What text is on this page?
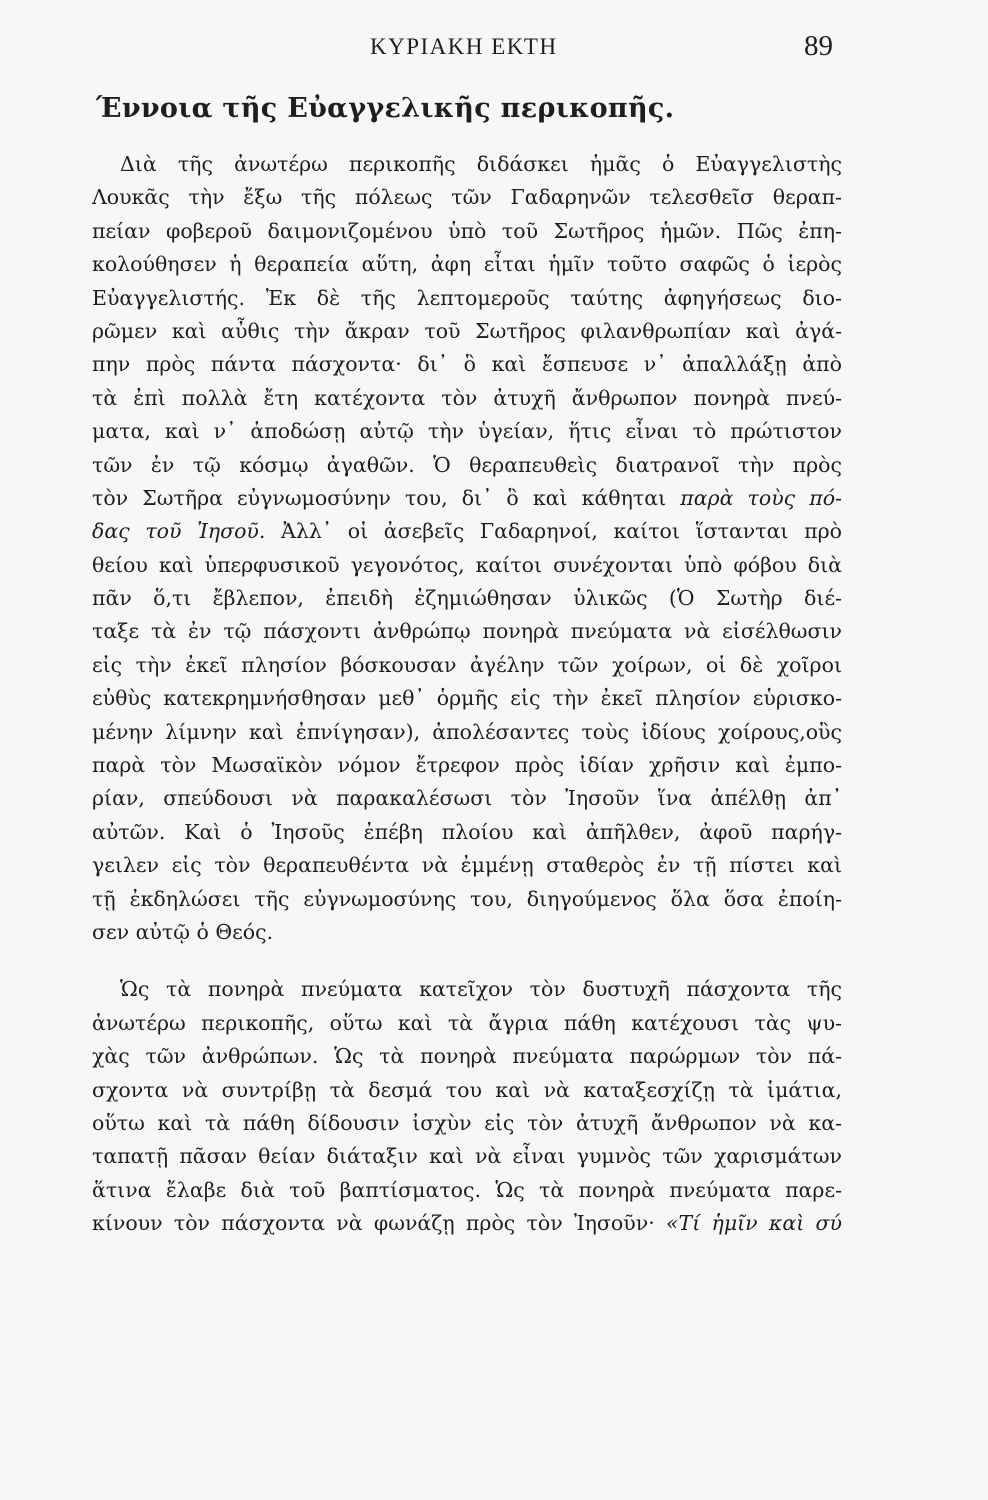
ΚΥΡΙΑΚΗ ΕΚΤΗ	89
Έννοια τῆς Εὐαγγελικῆς περικοπῆς.
Διὰ τῆς ἀνωτέρω περικοπῆς διδάσκει ἡμᾶς ὁ Εὐαγγελιστὴς
Λουκᾶς τὴν ἔξω τῆς πόλεως τῶν Γαδαρηνῶν τελεσθεῖσ θεραπ-
πείαν φοβεροῦ δαιμονιζομένου ὑπὸ τοῦ Σωτῆρος ἡμῶν. Πῶς ἐπη-
κολούθησεν ἡ θεραπεία αὕτη, ἀφη εἶται ἡμῖν τοῦτο σαφῶς ὁ ἱερὸς
Εὐαγγελιστής. Ἐκ δὲ τῆς λεπτομεροῦς ταύτης ἀφηγήσεως διο-
ρῶμεν καὶ αὖθις τὴν ἄκραν τοῦ Σωτῆρος φιλανθρωπίαν καὶ ἀγά-
πην πρὸς πάντα πάσχοντα· δι᾿ ὃ καὶ ἔσπευσε ν᾿ ἀπαλλάξῃ ἀπὸ
τὰ ἐπὶ πολλὰ ἔτη κατέχοντα τὸν ἀτυχῆ ἄνθρωπον πονηρὰ πνεύ-
ματα, καὶ ν᾿ ἀποδώσῃ αὐτῷ τὴν ὑγείαν, ἥτις εἶναι τὸ πρώτιστον
τῶν ἐν τῷ κόσμῳ ἀγαθῶν. Ὁ θεραπευθεὶς διατρανοῖ τὴν πρὸς
τὸν Σωτῆρα εὐγνωμοσύνην του, δι᾿ ὃ καὶ κάθηται παρὰ τοὺς πό-
δας τοῦ Ἰησοῦ. Ἀλλ᾿ οἱ ἀσεβεῖς Γαδαρηνοί, καίτοι ἵστανται πρὸ
θείου καὶ ὑπερφυσικοῦ γεγονότος, καίτοι συνέχονται ὑπὸ φόβου διὰ
πᾶν ὅ,τι ἔβλεπον, ἐπειδὴ ἐζημιώθησαν ὑλικῶς (Ὁ Σωτὴρ διέ-
ταξε τὰ ἐν τῷ πάσχοντι ἀνθρώπῳ πονηρὰ πνεύματα νὰ εἰσέλθωσιν
εἰς τὴν ἐκεῖ πλησίον βόσκουσαν ἀγέλην τῶν χοίρων, οἱ δὲ χοῖροι
εὐθὺς κατεκρημνήσθησαν μεθ᾿ ὁρμῆς εἰς τὴν ἐκεῖ πλησίον εὑρισκο-
μένην λίμνην καὶ ἐπνίγησαν), ἀπολέσαντες τοὺς ἰδίους χοίρους,οὓς
παρὰ τὸν Μωσαϊκὸν νόμον ἔτρεφον πρὸς ἰδίαν χρῆσιν καὶ ἐμπο-
ρίαν, σπεύδουσι νὰ παρακαλέσωσι τὸν Ἰησοῦν ἵνα ἀπέλθῃ ἀπ᾿
αὐτῶν. Καὶ ὁ Ἰησοῦς ἐπέβη πλοίου καὶ ἀπῆλθεν, ἀφοῦ παρήγ-
γειλεν εἰς τὸν θεραπευθέντα νὰ ἐμμένῃ σταθερὸς ἐν τῇ πίστει καὶ
τῇ ἐκδηλώσει τῆς εὐγνωμοσύνης του, διηγούμενος ὅλα ὅσα ἐποίη-
σεν αὐτῷ ὁ Θεός.
Ὡς τὰ πονηρὰ πνεύματα κατεῖχον τὸν δυστυχῆ πάσχοντα τῆς
ἀνωτέρω περικοπῆς, οὕτω καὶ τὰ ἄγρια πάθη κατέχουσι τὰς ψυ-
χὰς τῶν ἀνθρώπων. Ὡς τὰ πονηρὰ πνεύματα παρώρμων τὸν πά-
σχοντα νὰ συντρίβῃ τὰ δεσμά του καὶ νὰ καταξεσχίζῃ τὰ ἱμάτια,
οὕτω καὶ τὰ πάθη δίδουσιν ἰσχὺν εἰς τὸν ἀτυχῆ ἄνθρωπον νὰ κα-
ταπατῇ πᾶσαν θείαν διάταξιν καὶ νὰ εἶναι γυμνὸς τῶν χαρισμάτων
ἅτινα ἔλαβε διὰ τοῦ βαπτίσματος. Ὡς τὰ πονηρὰ πνεύματα παρε-
κίνουν τὸν πάσχοντα νὰ φωνάζῃ πρὸς τὸν Ἰησοῦν· «Τί ἡμῖν καὶ σύ
